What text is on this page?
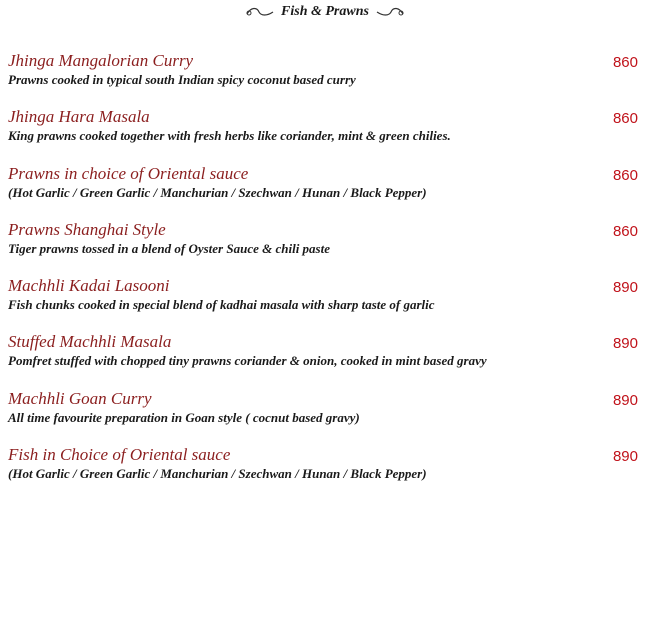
Fish & Prawns
Jhinga Mangalorian Curry
Prawns cooked in typical south Indian spicy coconut based curry
860
Jhinga Hara Masala
King prawns cooked together with fresh herbs like coriander, mint & green chilies.
860
Prawns in choice of Oriental sauce
(Hot Garlic / Green Garlic / Manchurian / Szechwan / Hunan / Black Pepper)
860
Prawns Shanghai Style
Tiger prawns tossed in a blend of Oyster Sauce & chili paste
860
Machhli Kadai Lasooni
Fish chunks cooked in special blend of kadhai masala with sharp taste of garlic
890
Stuffed Machhli Masala
Pomfret stuffed with chopped tiny prawns coriander & onion, cooked in mint based gravy
890
Machhli Goan Curry
All time favourite preparation in Goan style ( cocnut based gravy)
890
Fish in Choice of Oriental sauce
(Hot Garlic / Green Garlic / Manchurian / Szechwan / Hunan / Black Pepper)
890
